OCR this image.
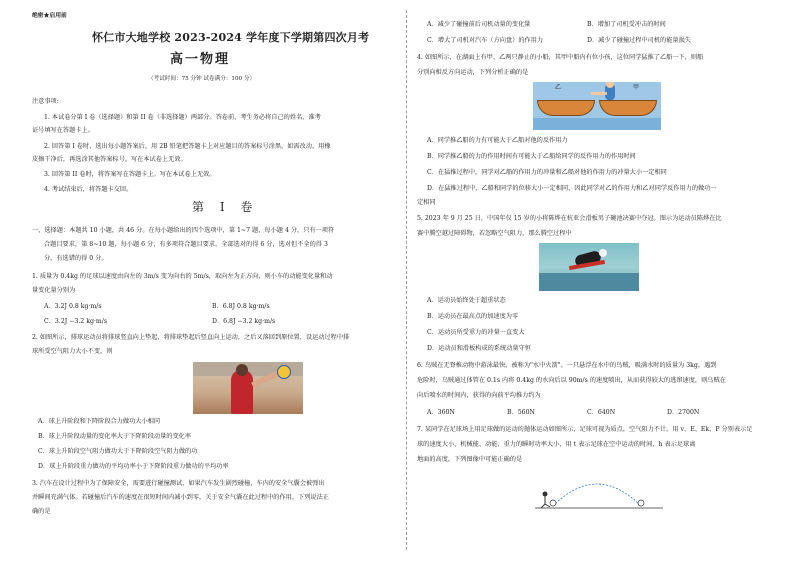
绝密★启用前
怀仁市大地学校 2023-2024 学年度下学期第四次月考
高一物理
（考试时间：75 分钟 试卷满分：100 分）
注意事项:
1. 本试卷分第 I 卷（选择题）和第 II 卷（非选择题）两部分。答卷前，考生务必将自己的姓名、准考
证号填写在答题卡上。
2. 回答第 I 卷时，选出每小题答案后，用 2B 铅笔把答题卡上对应题目的答案标号涂黑。如需改动，用橡
皮擦干净后，再选涂其他答案标号。写在本试卷上无效。
3. 回答第 II 卷时，将答案写在答题卡上。写在本试卷上无效。
4. 考试结束后，将答题卡交回。
第 I 卷
一、选择题：本题共 10 小题，共 46 分。在每小题给出的四个选项中，第 1~7 题，每小题 4 分，只有一项符
合题目要求，第 8~10 题，每小题 6 分，有多项符合题目要求。全部选对的得 6 分，选对但不全的得 3
分，有选错的得 0 分。
1. 质量为 0.4kg 的足球以速度由向左的 3m/s 变为向右的 5m/s，取向左为正方向，则小车的动能变化量和动
量变化量分别为
A．3.2J 0.8 kg·m/s	B．6.8J 0.8 kg·m/s
C．3.2J −3.2 kg·m/s	D．6.8J −3.2 kg·m/s
2. 如图所示，排球运动员将排球竖直向上垫起，将排球垫起后竖直向上运动，之后又落回到原位置，设运动过程中排
球所受空气阻力大小不变，则
A．球上升阶段和下降阶段合力做功大小相同
B．球上升阶段动量的变化率大于下降阶段动量的变化率
C．球上升阶段空气阻力做功大于下降阶段空气阻力做的功
D．球上升阶段重力做功的平均功率小于下降阶段重力做功的平均功率
3. 汽车在设计过程中为了保障安全，需要进行碰撞测试，如果汽车发生剧烈碰撞，车内的安全气囊会被弹出
并瞬间充满气体。若碰撞后汽车的速度在很短时间内减小到零，关于安全气囊在此过程中的作用，下列说法正
确的是
A．减少了碰撞前后司机动量的变化量	B．增加了司机受冲击的时间
C．增大了司机对汽车（方向盘）的作用力	D．减少了碰撞过程中司机的能量损失
4. 如图所示，在湖面上有甲、乙两只静止的小船，其甲中船内有位小孩，这位同学猛推了乙船一下，则船
分别向相反方向运动，下列分析正确的是
乙	甲
A．同学推乙船的力有可能大于乙船对他的反作用力
B．同学推乙船的力的作用时间有可能大于乙船给同学的反作用力的作用时间
C．在猛推过程中，同学对乙船的作用力的冲量和乙船对他的作用力的冲量大小一定相同
D．在猛推过程中，乙船和同学的位移大小一定相同，因此同学对乙的作用力和乙对同学反作用力的做功一
定相同
5. 2023 年 9 月 25 日，中国年仅 15 岁的小将陈烨在杭亚会滑板男子碗池决赛中夺冠。图示为运动员陈烨在比
赛中腾空越过障碍物，若忽略空气阻力，那么腾空过程中
A．运动员始终处于超重状态
B．运动员在最高点的加速度为零
C．运动员所受重力的冲量一直变大
D．运动员和滑板构成的系统动量守恒
6. 鸟贼在无脊椎动物中游泳最快，被称为"水中火箭"。一只悬浮在水中的鸟贼，吸满水时的质量为 3kg，遇到
危险时，乌贼通过体管在 0.1s 内将 0.4kg 的水向后以 90m/s 的速度喷出，从而获得较大的逃窜速度，则乌贼在
向后喷水的时间内，获得的向前平均推力约为
A．360N	B．560N	C．640N	D．2700N
7. 某同学在足球场上用足球做的运动的抛体运动如图所示，足球可视为质点，空气阻力不计。用 v、E、Ek、P 分别表示足
球的速度大小、机械能、动能、重力的瞬时功率大小，用 t 表示足球在空中运动的时间，h 表示足球离
地面的高度，下列图像中可能正确的是
